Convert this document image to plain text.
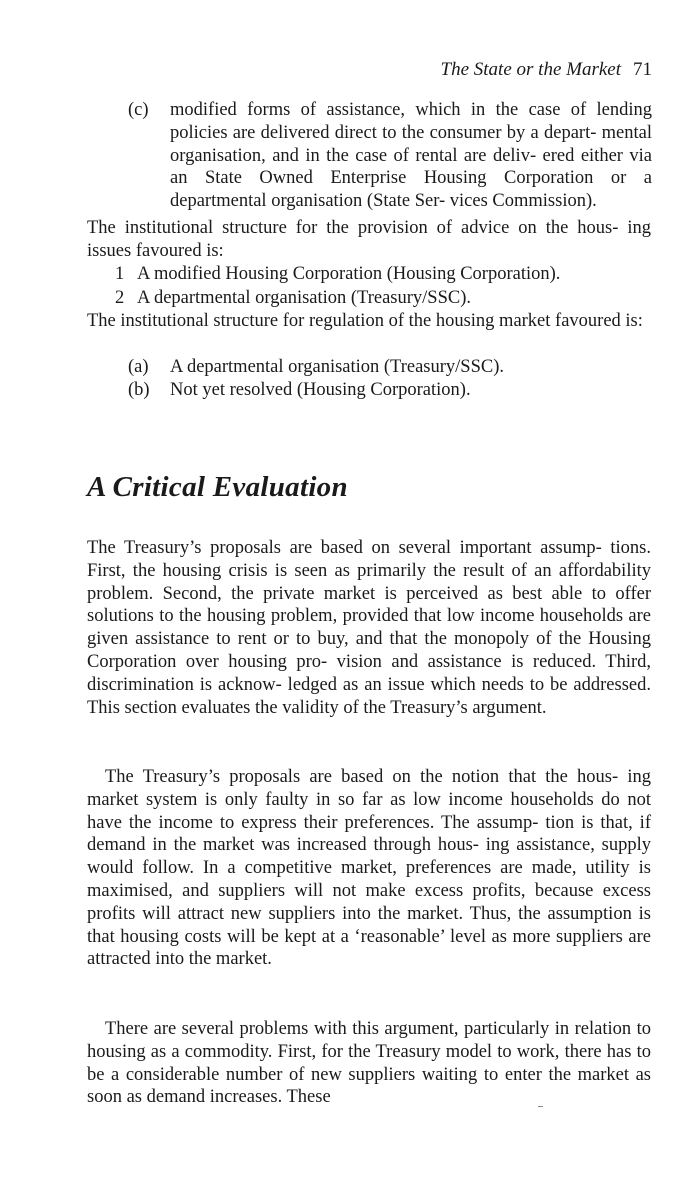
The State or the Market 71
(c) modified forms of assistance, which in the case of lending policies are delivered direct to the consumer by a depart- mental organisation, and in the case of rental are deliv- ered either via an State Owned Enterprise Housing Corporation or a departmental organisation (State Ser- vices Commission).

The institutional structure for the provision of advice on the hous- ing issues favoured is:

1 A modified Housing Corporation (Housing Corporation).
2 A departmental organisation (Treasury/SSC).

The institutional structure for regulation of the housing market favoured is:

(a) A departmental organisation (Treasury/SSC).
(b) Not yet resolved (Housing Corporation).
A Critical Evaluation

The Treasury’s proposals are based on several important assump- tions. First, the housing crisis is seen as primarily the result of an affordability problem. Second, the private market is perceived as best able to offer solutions to the housing problem, provided that low income households are given assistance to rent or to buy, and that the monopoly of the Housing Corporation over housing pro- vision and assistance is reduced. Third, discrimination is acknow- ledged as an issue which needs to be addressed. This section evaluates the validity of the Treasury’s argument.

The Treasury’s proposals are based on the notion that the hous- ing market system is only faulty in so far as low income households do not have the income to express their preferences. The assump- tion is that, if demand in the market was increased through hous- ing assistance, supply would follow. In a competitive market, preferences are made, utility is maximised, and suppliers will not make excess profits, because excess profits will attract new suppliers into the market. Thus, the assumption is that housing costs will be kept at a ‘reasonable’ level as more suppliers are attracted into the market.

There are several problems with this argument, particularly in relation to housing as a commodity. First, for the Treasury model to work, there has to be a considerable number of new suppliers waiting to enter the market as soon as demand increases. These
